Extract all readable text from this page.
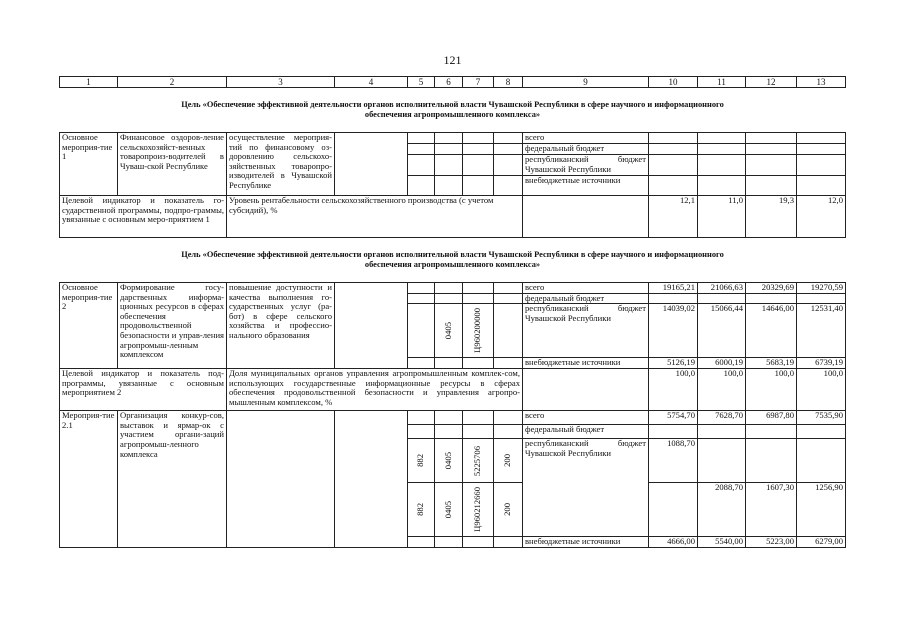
121
1	2	3	4	5	6	7	8	9	10	11	12	13

Цель «Обеспечение эффективной деятельности органов исполнительной власти Чувашской Республики в сфере научного и информационного обеспечения агропромышленного комплекса»												

Основное мероприя-тие 1	Финансовое оздоров-ление сельскохозяйст-венных товаропроиз-водителей в Чуваш-ской Республике	осуществление мероприя-тий по финансовому оз-доровлению сельскохо-зяйственных товаропро-изводителей в Чувашской Республике						всего				
								федеральный бюджет				
								республиканский бюджет Чувашской Республики				
								внебюджетные источники				
Целевой индикатор и показатель го-сударственной программы, подпро-граммы, увязанные с основным меро-приятием 1		Уровень рентабельности сельскохозяйственного производства (с учетом субсидий), %							12,1	11,0	19,3	12,0

Цель «Обеспечение эффективной деятельности органов исполнительной власти Чувашской Республики в сфере научного и информационного обеспечения агропромышленного комплекса»												

Основное мероприя-тие 2	Формирование госу-дарственных информа-ционных ресурсов в сферах обеспечения продовольственной безопасности и управ-ления агропромыш-ленным комплексом	повышение доступности и качества выполнения го-сударственных услуг (ра-бот) в сфере сельского хозяйства и профессио-нального образования						всего	19165,21	21066,63	20329,69	19270,59
								федеральный бюджет				

					0405	Ц960200000		республиканский бюджет Чувашской Республики	14039,02	15066,44	14646,00	12531,40
								внебюджетные источники	5126,19	6000,19	5683,19	6739,19
Целевой индикатор и показатель под-программы, увязанные с основным мероприятием 2		Доля муниципальных органов управления агропромышленным комплек-сом, использующих государственные информационные ресурсы в сферах обеспечения продовольственной безопасности и управления агропро-мышленным комплексом, %							100,0	100,0	100,0	100,0
Мероприя-тие 2.1	Организация конкур-сов, выставок и ярмар-ок с участием органи-заций агропромыш-ленного комплекса							всего	5754,70	7628,70	6987,80	7535,90
								федеральный бюджет				

				882	0405	5225706	200	республиканский бюджет Чувашской Республики	1088,70			

				882	0405	Ц960212660	200			2088,70	1607,30	1256,90
								внебюджетные источники	4666,00	5540,00	5223,00	6279,00
